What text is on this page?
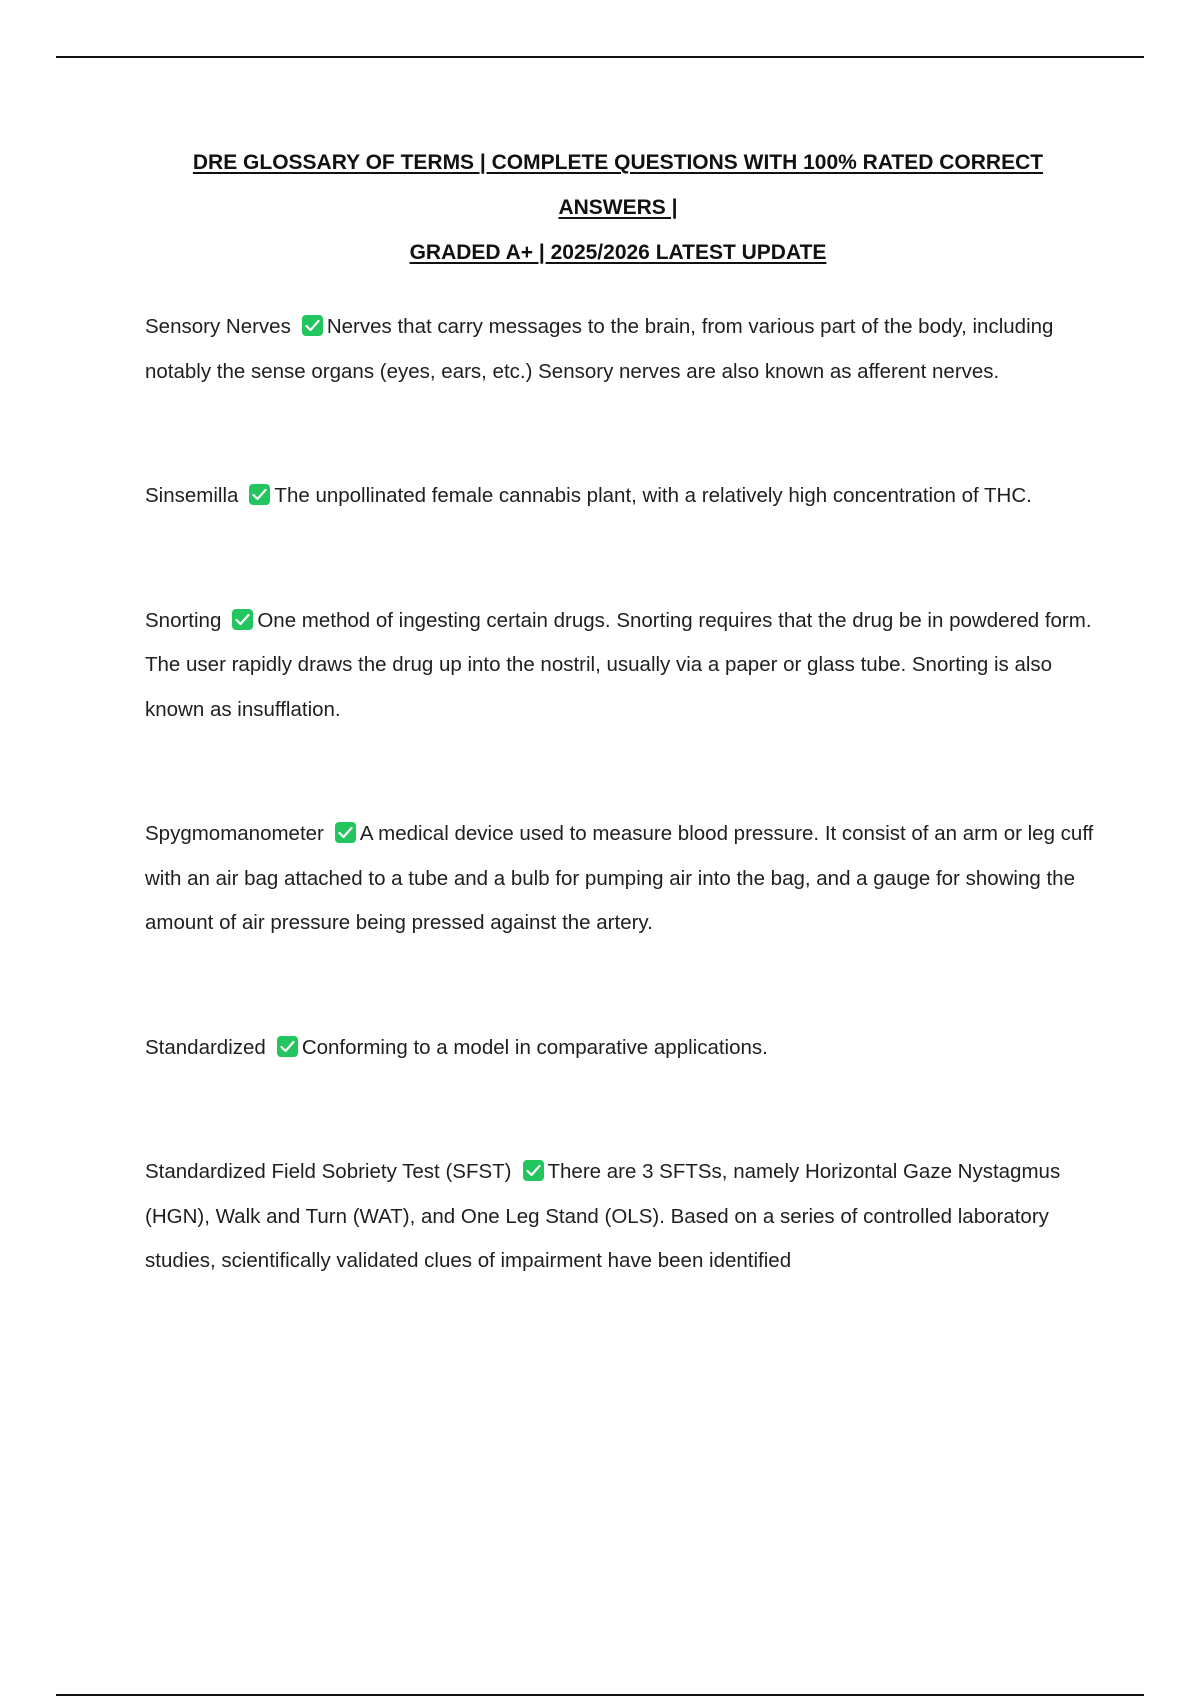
DRE GLOSSARY OF TERMS | COMPLETE QUESTIONS WITH 100% RATED CORRECT ANSWERS |
GRADED A+ | 2025/2026 LATEST UPDATE

Sensory Nerves Nerves that carry messages to the brain, from various part of the body, including notably the sense organs (eyes, ears, etc.) Sensory nerves are also known as afferent nerves.

Sinsemilla The unpollinated female cannabis plant, with a relatively high concentration of THC.

Snorting One method of ingesting certain drugs. Snorting requires that the drug be in powdered form. The user rapidly draws the drug up into the nostril, usually via a paper or glass tube. Snorting is also known as insufflation.

Spygmomanometer A medical device used to measure blood pressure. It consist of an arm or leg cuff with an air bag attached to a tube and a bulb for pumping air into the bag, and a gauge for showing the amount of air pressure being pressed against the artery.

Standardized Conforming to a model in comparative applications.

Standardized Field Sobriety Test (SFST) There are 3 SFTSs, namely Horizontal Gaze Nystagmus (HGN), Walk and Turn (WAT), and One Leg Stand (OLS). Based on a series of controlled laboratory studies, scientifically validated clues of impairment have been identified
